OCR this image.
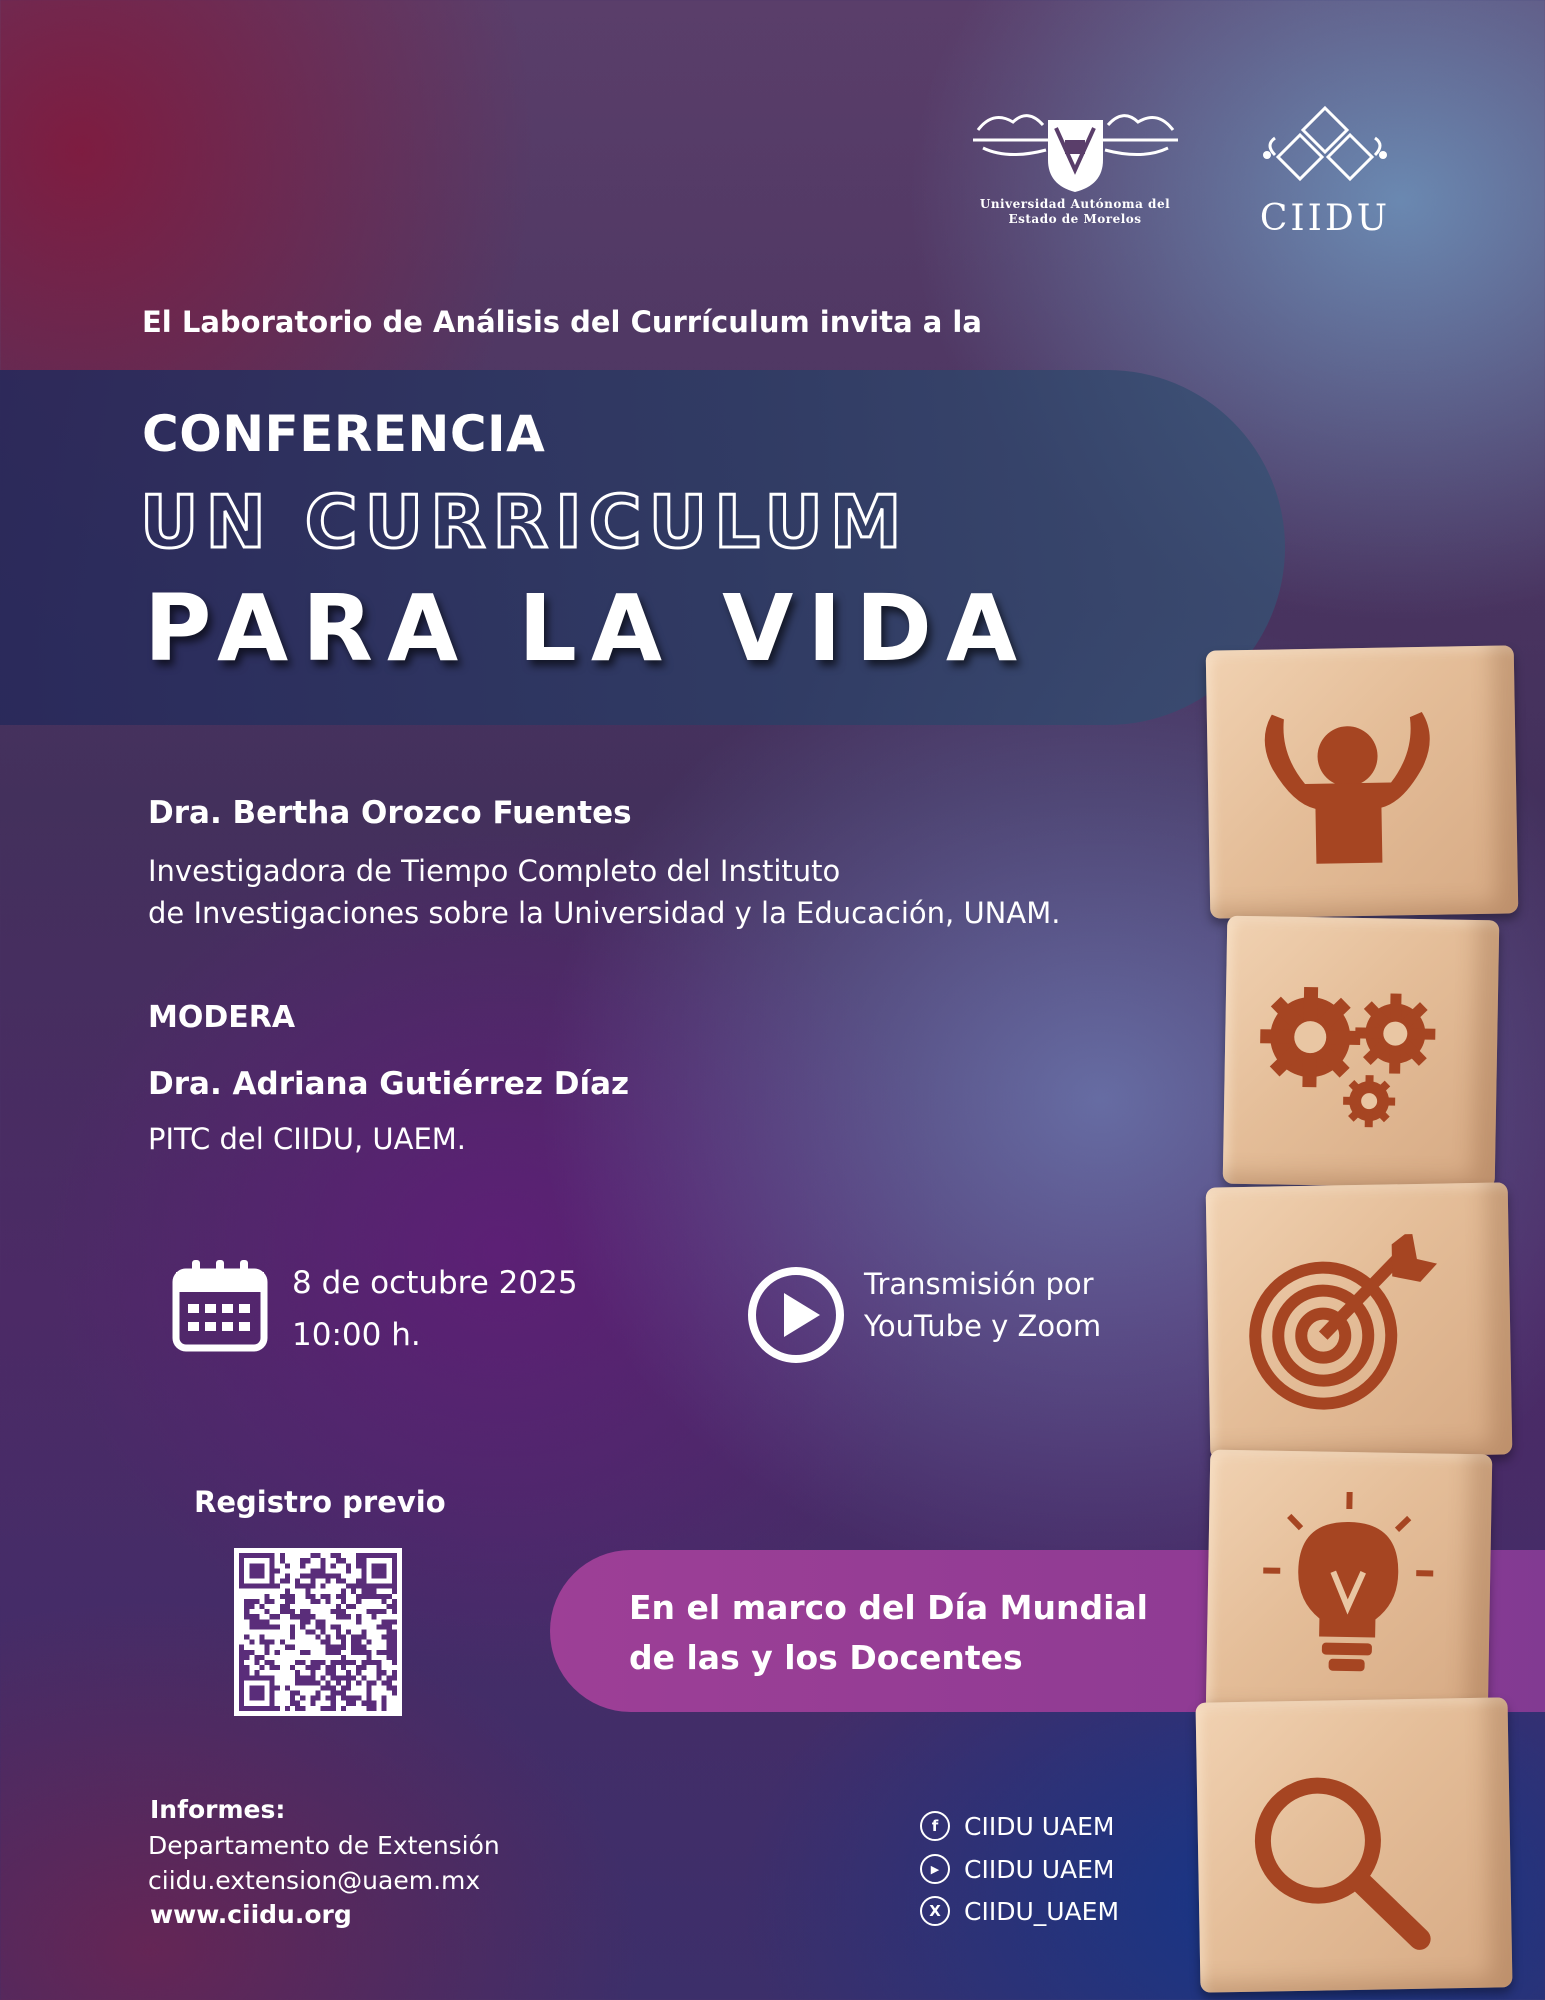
Universidad Autónoma del
Estado de Morelos	CIIDU
El Laboratorio de Análisis del Currículum invita a la
CONFERENCIA
UN CURRICULUM
PARA LA VIDA
Dra. Bertha Orozco Fuentes
Investigadora de Tiempo Completo del Instituto
de Investigaciones sobre la Universidad y la Educación, UNAM.
MODERA
Dra. Adriana Gutiérrez Díaz
PITC del CIIDU, UAEM.
8 de octubre 2025
10:00 h.
Transmisión por
YouTube y Zoom
Registro previo
En el marco del Día Mundial
de las y los Docentes
Informes:
Departamento de Extensión
ciidu.extension@uaem.mx
www.ciidu.org
f	CIIDU UAEM
▶ CIIDU UAEM
X CIIDU_UAEM
